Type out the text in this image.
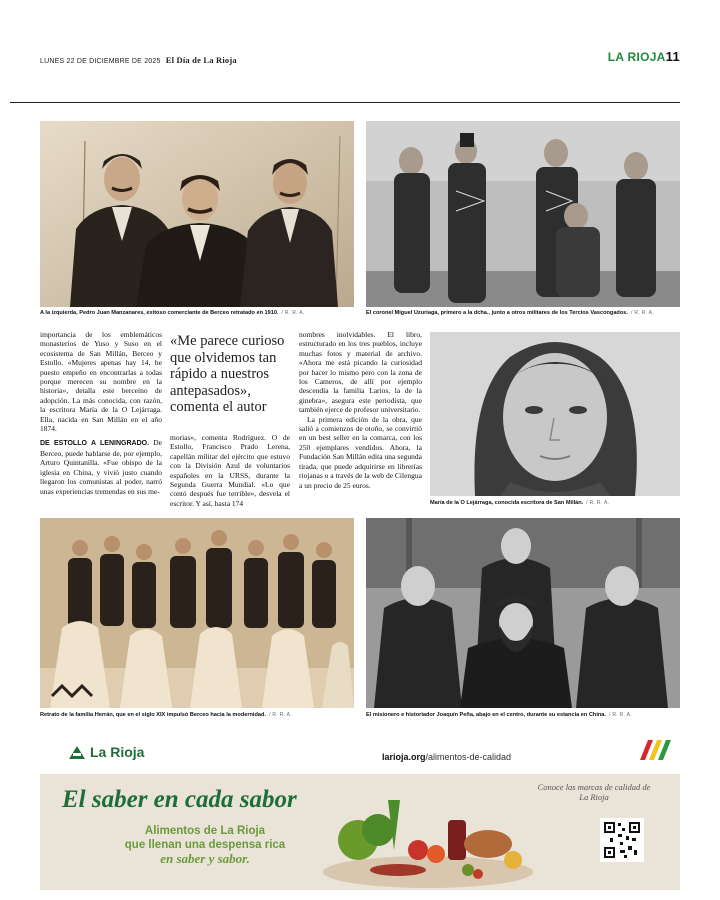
LUNES 22 DE DICIEMBRE DE 2025 El Día de La Rioja	LA RIOJA11
A la izquierda, Pedro Juan Manzanares, exitoso comerciante de Berceo retratado en 1910. / R. R. A.	El coronel Miguel Uzuriaga, primero a la dcha., junto a otros militares de los Tercios Vascongados. / R. R. A.

importancia de los emblemáticos monasterios de Yuso y Suso en el ecosistema de San Millán, Berceo y Estollo. «Mujeres apenas hay 14, he puesto empeño en encontrarlas a todas porque merecen su nombre en la historia», detalla este berceíno de adopción. La más conocida, con razón, la escritora María de la O Lejárraga. Ella, nacida en San Millán en el año 1874.

DE ESTOLLO A LENINGRADO. De Berceo, puede hablarse de, por ejemplo, Arturo Quintanilla. «Fue obispo de la iglesia en China, y vivió justo cuando llegaron los comunistas al poder, narró unas experiencias tremendas en sus me-

«Me parece curioso que olvidemos tan rápido a nuestros antepasados», comenta el autor

morias», comenta Rodríguez. O de Estollo, Francisco Prado Lerena, capellán militar del ejército que estuvo con la División Azul de voluntarios españoles en la URSS, durante la Segunda Guerra Mundial. «Lo que contó después fue terrible», desvela el escritor. Y así, hasta 174

nombres inolvidables. El libro, estructurado en los tres pueblos, incluye muchas fotos y material de archivo. «Ahora me está picando la curiosidad por hacer lo mismo pero con la zona de los Cameros, de allí por ejemplo descendía la familia Larios, la de la ginebra», asegura este periodista, que también ejerce de profesor universitario.

La primera edición de la obra, que salió a comienzos de otoño, se convirtió en un best seller en la comarca, con los 250 ejemplares vendidos. Ahora, la Fundación San Millán edita una segunda tirada, que puede adquirirse en librerías riojanas o a través de la web de Cilengua a un precio de 25 euros.

María de la O Lejárraga, conocida escritora de San Millán. / R. R. A.
Retrato de la familia Herrán, que en el siglo XIX impulsó Berceo hacia la modernidad. / R. R. A.	El misionero e historiador Joaquín Peña, abajo en el centro, durante su estancia en China. / R. R. A.
La Rioja	larioja.org/alimentos-de-calidad
El saber en cada sabor
Alimentos de La Rioja
que llenan una despensa rica
en saber y sabor.
Conoce las marcas de calidad de La Rioja
